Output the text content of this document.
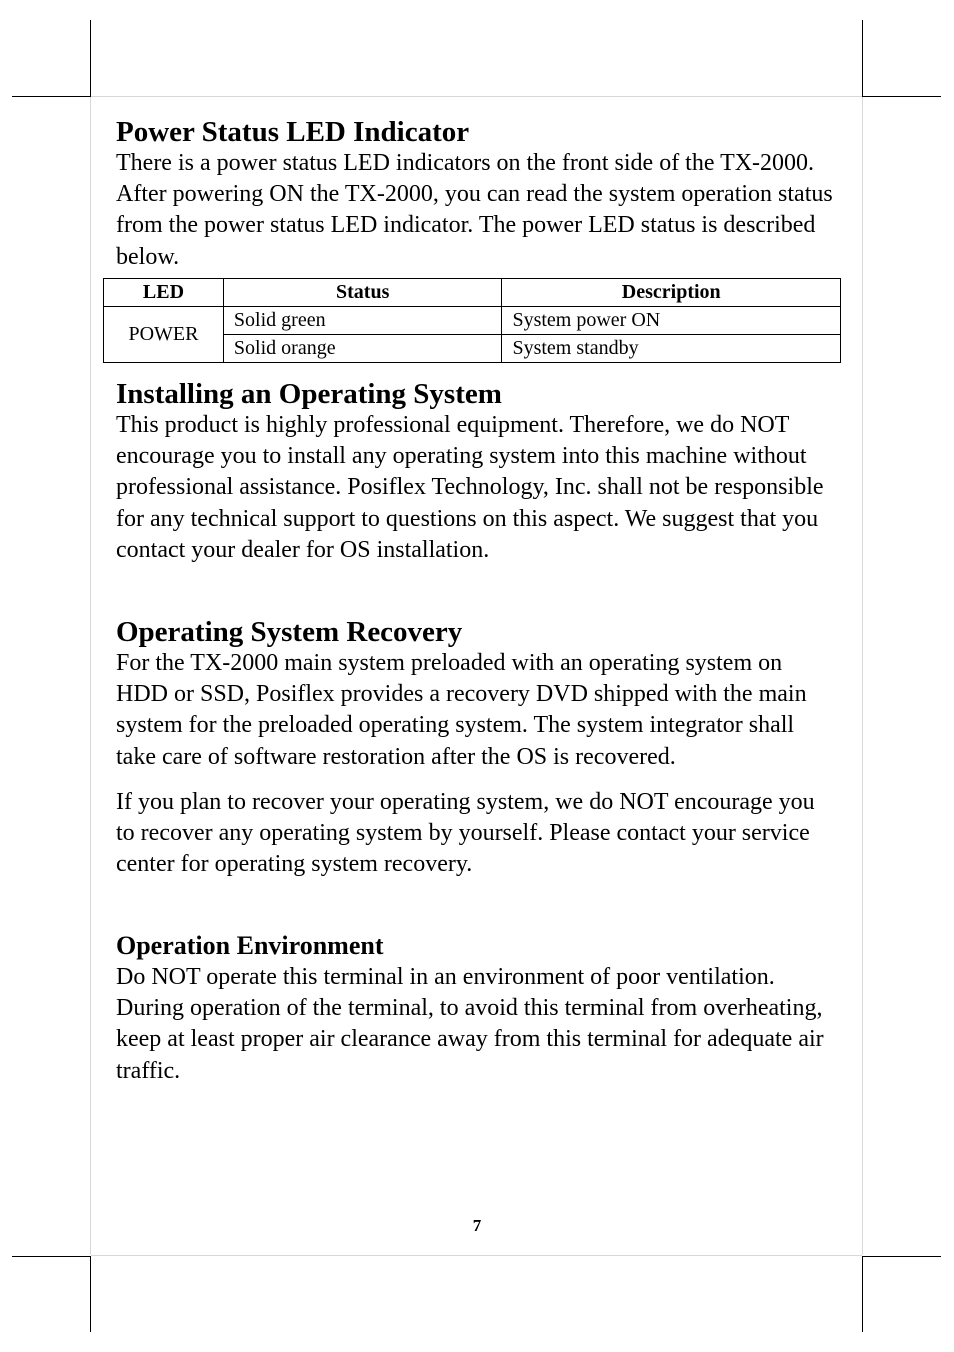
Power Status LED Indicator

There is a power status LED indicators on the front side of the TX-2000. After powering ON the TX-2000, you can read the system operation status from the power status LED indicator. The power LED status is described below.

Installing an Operating System

This product is highly professional equipment. Therefore, we do NOT encourage you to install any operating system into this machine without professional assistance. Posiflex Technology, Inc. shall not be responsible for any technical support to questions on this aspect. We suggest that you contact your dealer for OS installation.

Operating System Recovery

For the TX-2000 main system preloaded with an operating system on HDD or SSD, Posiflex provides a recovery DVD shipped with the main system for the preloaded operating system. The system integrator shall take care of software restoration after the OS is recovered.

If you plan to recover your operating system, we do NOT encourage you to recover any operating system by yourself. Please contact your service center for operating system recovery.

Operation Environment

Do NOT operate this terminal in an environment of poor ventilation. During operation of the terminal, to avoid this terminal from overheating, keep at least proper air clearance away from this terminal for adequate air traffic.

LED	Status	Description
POWER	Solid green	System power ON
	Solid orange	System standby
7
